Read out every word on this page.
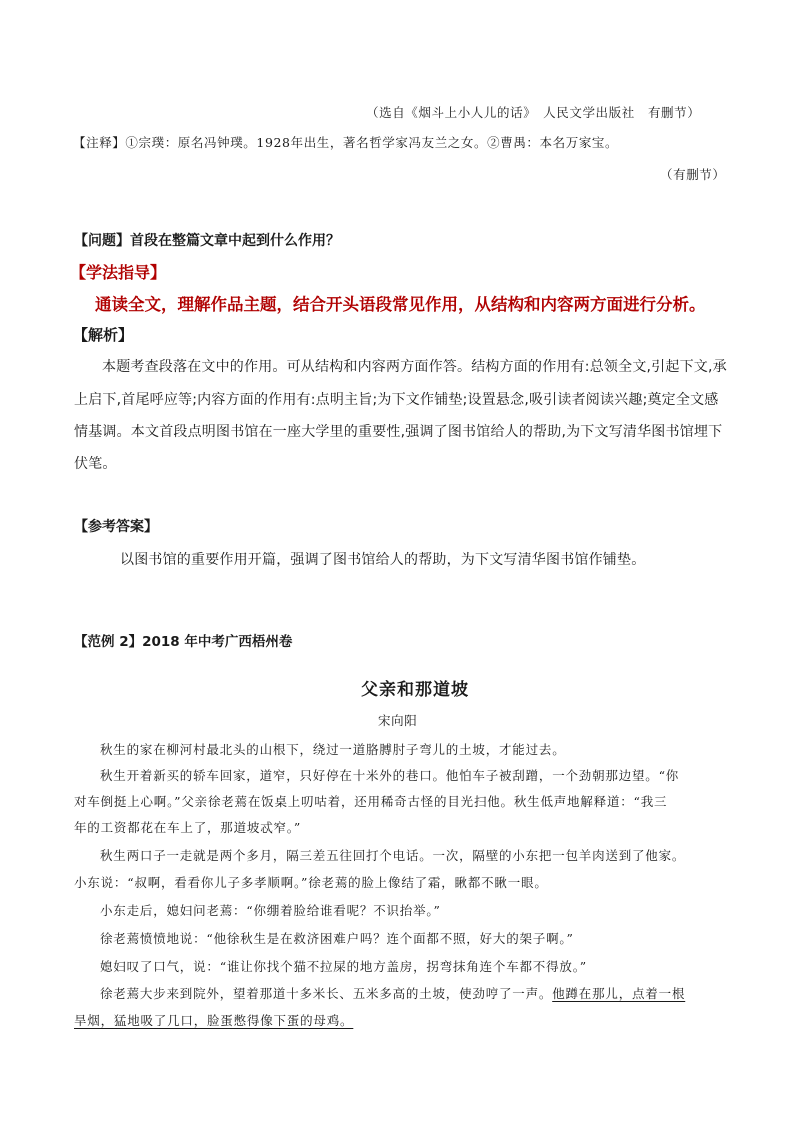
（选自《烟斗上小人儿的话》　人民文学出版社　有删节）
【注释】①宗璞：原名冯钟璞。1928年出生，著名哲学家冯友兰之女。②曹禺：本名万家宝。
（有删节）
【问题】首段在整篇文章中起到什么作用？
【学法指导】
通读全文，理解作品主题，结合开头语段常见作用，从结构和内容两方面进行分析。
【解析】
本题考查段落在文中的作用。可从结构和内容两方面作答。结构方面的作用有:总领全文,引起下文,承
上启下,首尾呼应等;内容方面的作用有:点明主旨;为下文作铺垫;设置悬念,吸引读者阅读兴趣;奠定全文感
情基调。本文首段点明图书馆在一座大学里的重要性,强调了图书馆给人的帮助,为下文写清华图书馆埋下
伏笔。
【参考答案】
以图书馆的重要作用开篇，强调了图书馆给人的帮助，为下文写清华图书馆作铺垫。
【范例 2】2018 年中考广西梧州卷
父亲和那道坡
宋向阳
秋生的家在柳河村最北头的山根下，绕过一道胳膊肘子弯儿的土坡，才能过去。
秋生开着新买的轿车回家，道窄，只好停在十米外的巷口。他怕车子被刮蹭，一个劲朝那边望。“你
对车倒挺上心啊。”父亲徐老蔫在饭桌上叨咕着，还用稀奇古怪的目光扫他。秋生低声地解释道：“我三
年的工资都花在车上了，那道坡忒窄。”
秋生两口子一走就是两个多月，隔三差五往回打个电话。一次，隔壁的小东把一包羊肉送到了他家。
小东说：“叔啊，看看你儿子多孝顺啊。”徐老蔫的脸上像结了霜，瞅都不瞅一眼。
小东走后，媳妇问老蔫：“你绷着脸给谁看呢？不识抬举。”
徐老蔫愤愤地说：“他徐秋生是在救济困难户吗？连个面都不照，好大的架子啊。”
媳妇叹了口气，说：“谁让你找个猫不拉屎的地方盖房，拐弯抹角连个车都不得放。”
徐老蔫大步来到院外，望着那道十多米长、五米多高的土坡，使劲哼了一声。他蹲在那儿，点着一根
旱烟，猛地吸了几口，脸蛋憋得像下蛋的母鸡。
